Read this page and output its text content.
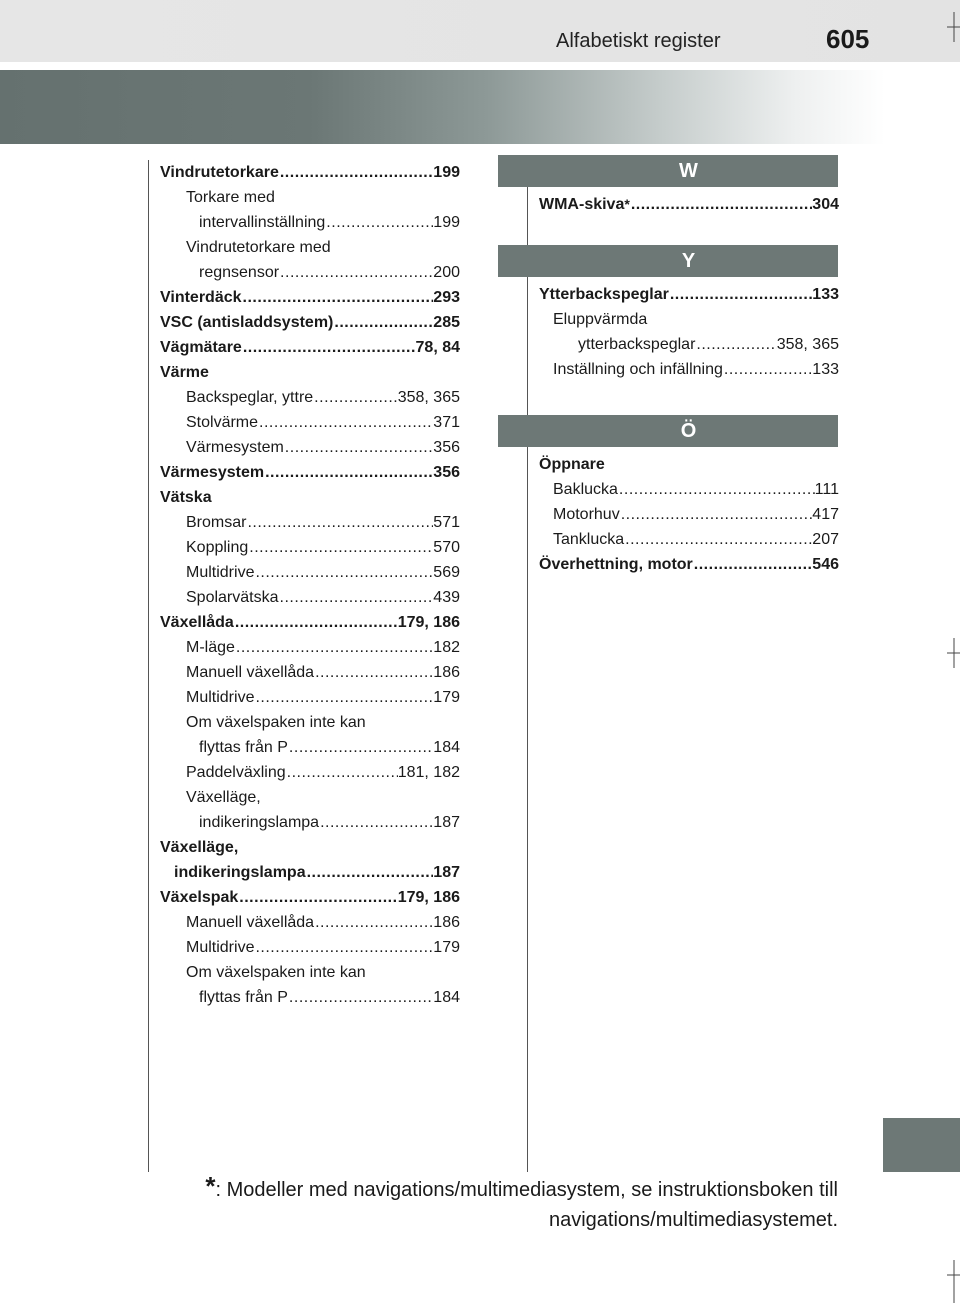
Alfabetiskt register	605
Vindrutetorkare .....	199
Torkare med
intervallinställning .....	199
Vindrutetorkare med
regnsensor .....	200
Vinterdäck .....	293
VSC (antisladdsystem) .....	285
Vägmätare .....	78, 84
Värme
Backspeglar, yttre .....	358, 365
Stolvärme .....	371
Värmesystem .....	356
Värmesystem .....	356
Vätska
Bromsar .....	571
Koppling .....	570
Multidrive .....	569
Spolarvätska .....	439
Växellåda .....	179, 186
M-läge .....	182
Manuell växellåda .....	186
Multidrive .....	179
Om växelspaken inte kan
flyttas från P .....	184
Paddelväxling .....	181, 182
Växelläge,
indikeringslampa .....	187
Växelläge,
indikeringslampa .....	187
Växelspak .....	179, 186
Manuell växellåda .....	186
Multidrive .....	179
Om växelspaken inte kan
flyttas från P .....	184
W
WMA-skiva * .....	304
Y
Ytterbackspeglar .....	133
Eluppvärmda
ytterbackspeglar .....	358, 365
Inställning och infällning .....	133
Ö
Öppnare
Baklucka .....	111
Motorhuv .....	417
Tanklucka .....	207
Överhettning, motor .....	546
*: Modeller med navigations/multimediasystem, se instruktionsboken till
navigations/multimediasystemet.
